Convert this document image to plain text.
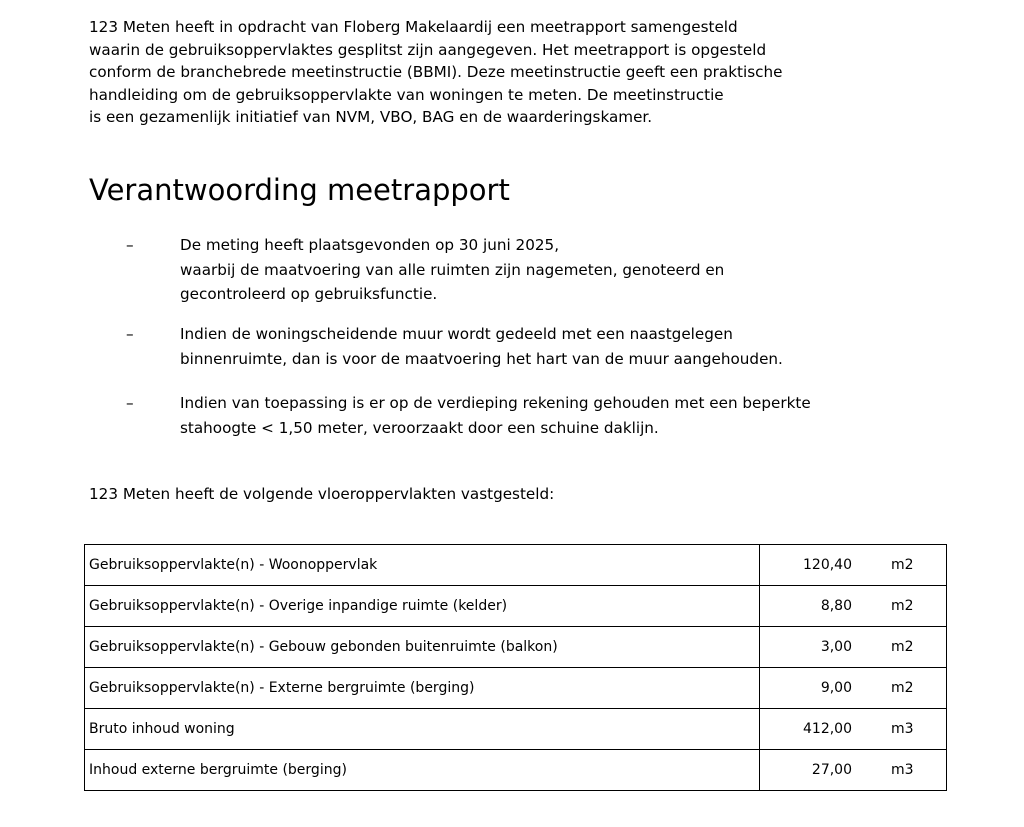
123 Meten heeft in opdracht van Floberg Makelaardij een meetrapport samengesteld
waarin de gebruiksoppervlaktes gesplitst zijn aangegeven. Het meetrapport is opgesteld
conform de branchebrede meetinstructie (BBMI). Deze meetinstructie geeft een praktische
handleiding om de gebruiksoppervlakte van woningen te meten. De meetinstructie
is een gezamenlijk initiatief van NVM, VBO, BAG en de waarderingskamer.
Verantwoording meetrapport
–	De meting heeft plaatsgevonden op 30 juni 2025,
waarbij de maatvoering van alle ruimten zijn nagemeten, genoteerd en
gecontroleerd op gebruiksfunctie.
–	Indien de woningscheidende muur wordt gedeeld met een naastgelegen
binnenruimte, dan is voor de maatvoering het hart van de muur aangehouden.
–	Indien van toepassing is er op de verdieping rekening gehouden met een beperkte
stahoogte < 1,50 meter, veroorzaakt door een schuine daklijn.
123 Meten heeft de volgende vloeroppervlakten vastgesteld:
Gebruiksoppervlakte(n) - Woonoppervlak	120,40 m2

Gebruiksoppervlakte(n) - Overige inpandige ruimte (kelder)	8,80 m2

Gebruiksoppervlakte(n) - Gebouw gebonden buitenruimte (balkon)	3,00 m2

Gebruiksoppervlakte(n) - Externe bergruimte (berging)	9,00 m2

Bruto inhoud woning	412,00 m3

Inhoud externe bergruimte (berging)	27,00 m3
